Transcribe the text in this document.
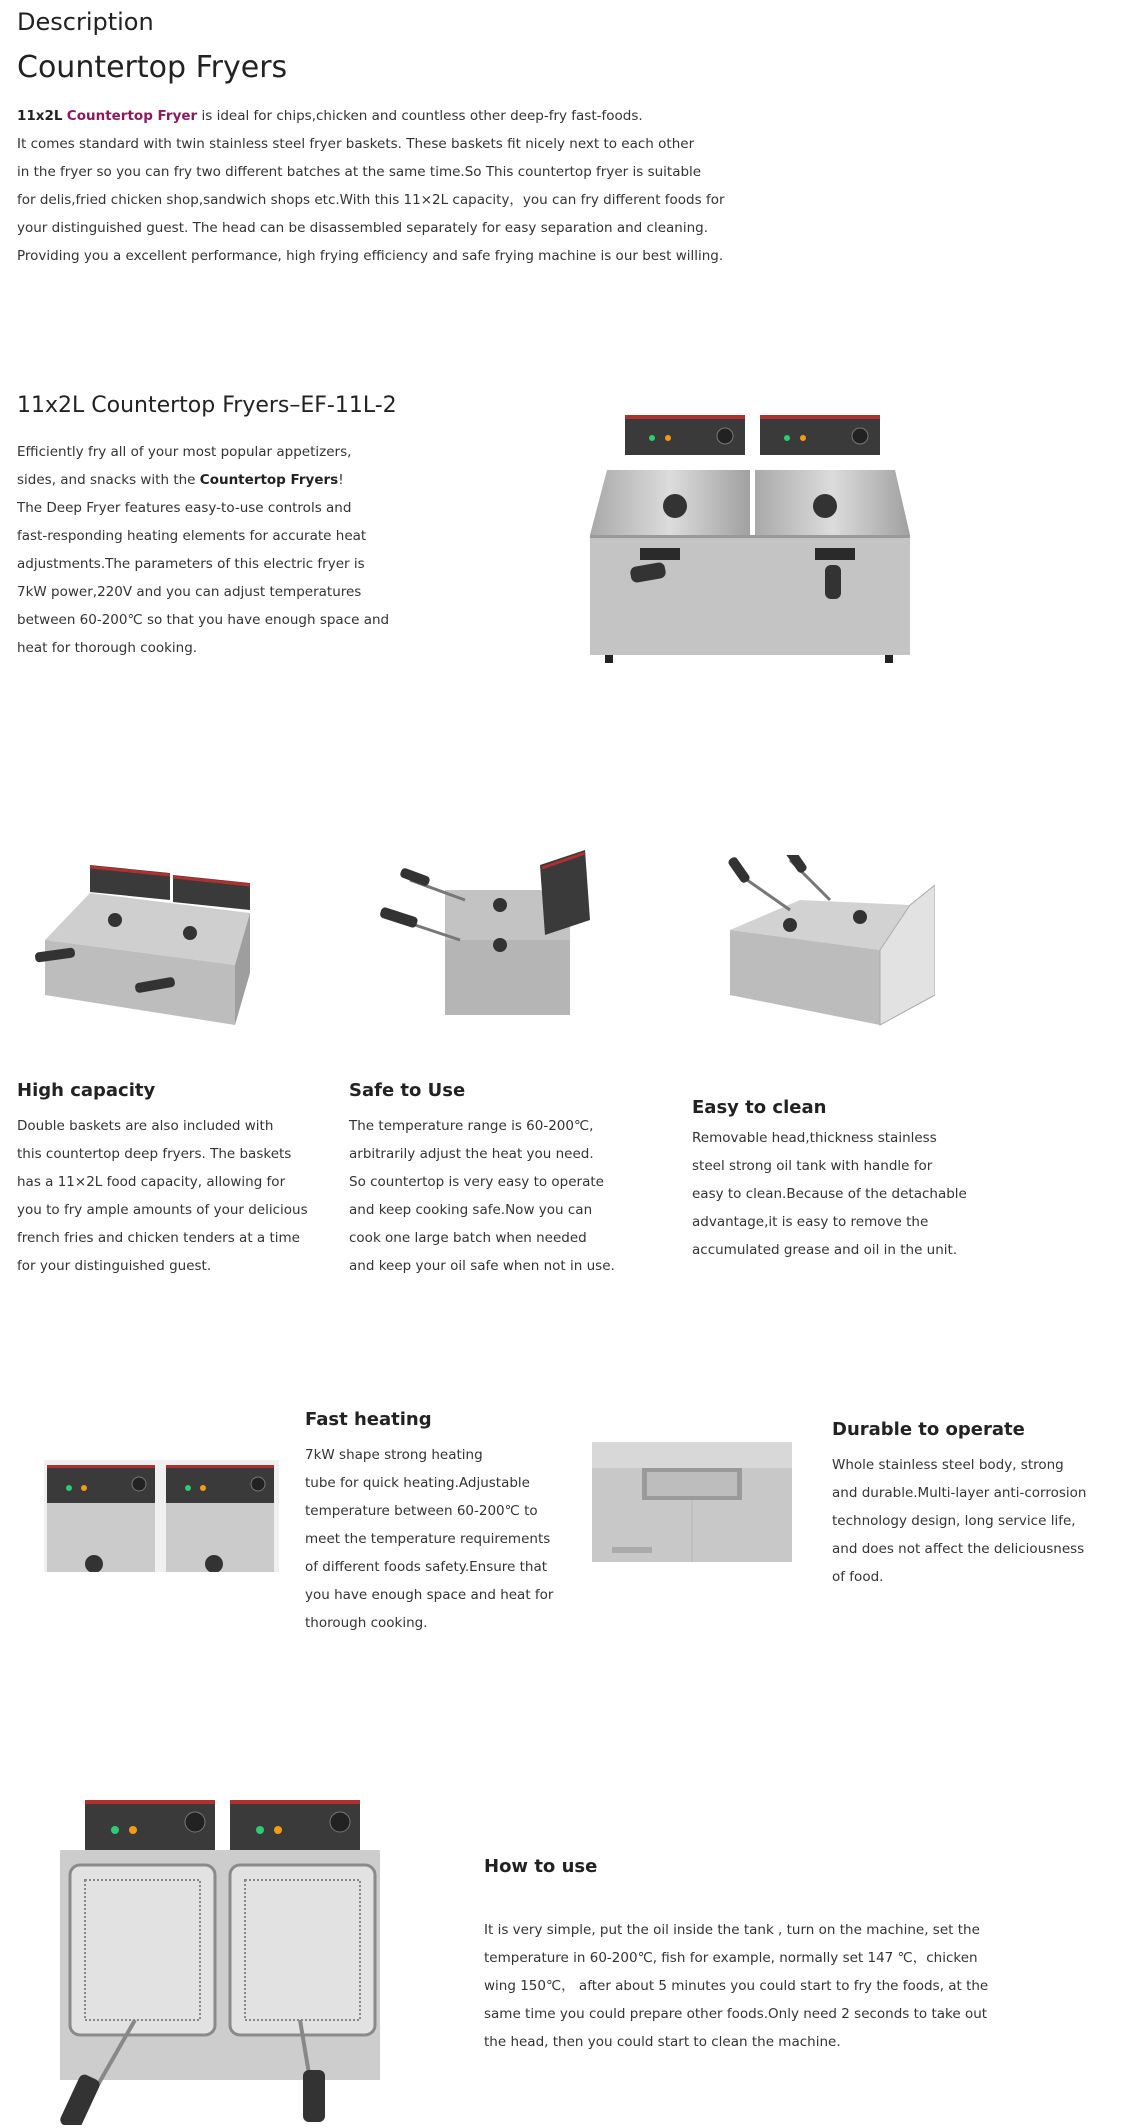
Description
Countertop Fryers

11x2L Countertop Fryer is ideal for chips,chicken and countless other deep-fry fast-foods.

It comes standard with twin stainless steel fryer baskets. These baskets fit nicely next to each other

in the fryer so you can fry two different batches at the same time.So This countertop fryer is suitable

for delis,fried chicken shop,sandwich shops etc.With this 11×2L capacity，you can fry different foods for

your distinguished guest. The head can be disassembled separately for easy separation and cleaning.

Providing you a excellent performance, high frying efficiency and safe frying machine is our best willing.

11x2L Countertop Fryers–EF-11L-2

Efficiently fry all of your most popular appetizers,

sides, and snacks with the Countertop Fryers!

The Deep Fryer features easy-to-use controls and

fast-responding heating elements for accurate heat

adjustments.The parameters of this electric fryer is

7kW power,220V and you can adjust temperatures

between 60-200℃ so that you have enough space and

heat for thorough cooking.

High capacity

Double baskets are also included with

this countertop deep fryers. The baskets

has a 11×2L food capacity, allowing for

you to fry ample amounts of your delicious

french fries and chicken tenders at a time

for your distinguished guest.

Safe to Use

The temperature range is 60-200℃,

arbitrarily adjust the heat you need.

So countertop is very easy to operate

and keep cooking safe.Now you can

cook one large batch when needed

and keep your oil safe when not in use.

Easy to clean

Removable head,thickness stainless

steel strong oil tank with handle for

easy to clean.Because of the detachable

advantage,it is easy to remove the

accumulated grease and oil in the unit.

Fast heating

7kW shape strong heating

tube for quick heating.Adjustable

temperature between 60-200℃ to

meet the temperature requirements

of different foods safety.Ensure that

you have enough space and heat for

thorough cooking.

Durable to operate

Whole stainless steel body, strong

and durable.Multi-layer anti-corrosion

technology design, long service life,

and does not affect the deliciousness

of food.

How to use

It is very simple, put the oil inside the tank , turn on the machine, set the

temperature in 60-200℃, fish for example, normally set 147 ℃，chicken

wing 150℃， after about 5 minutes you could start to fry the foods, at the

same time you could prepare other foods.Only need 2 seconds to take out

the head, then you could start to clean the machine.
